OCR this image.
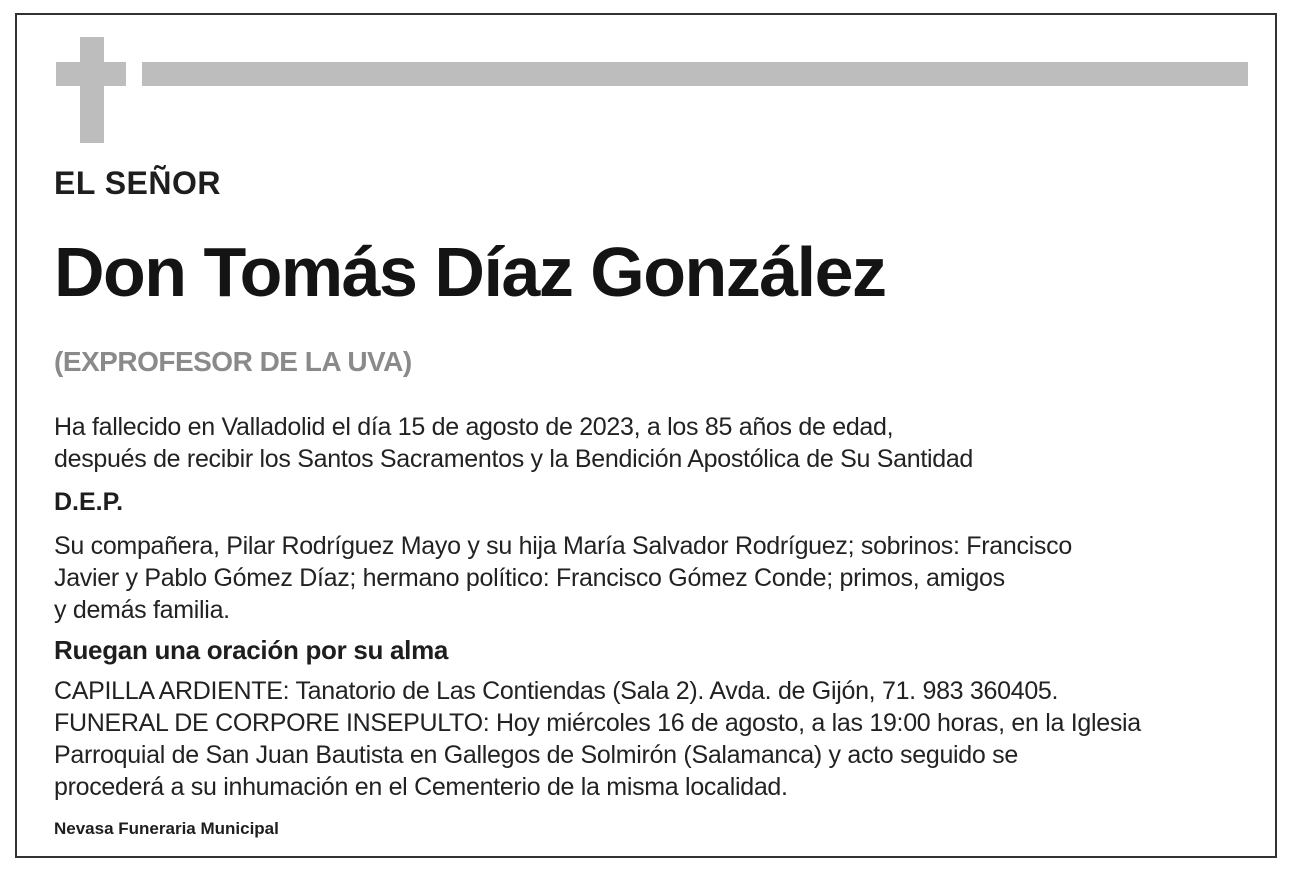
EL SEÑOR
Don Tomás Díaz González
(EXPROFESOR DE LA UVA)
Ha fallecido en Valladolid el día 15 de agosto de 2023, a los 85 años de edad,
después de recibir los Santos Sacramentos y la Bendición Apostólica de Su Santidad
D.E.P.
Su compañera, Pilar Rodríguez Mayo y su hija María Salvador Rodríguez; sobrinos: Francisco
Javier y Pablo Gómez Díaz; hermano político: Francisco Gómez Conde; primos, amigos
y demás familia.
Ruegan una oración por su alma
CAPILLA ARDIENTE: Tanatorio de Las Contiendas (Sala 2). Avda. de Gijón, 71. 983 360405.
FUNERAL DE CORPORE INSEPULTO: Hoy miércoles 16 de agosto, a las 19:00 horas, en la Iglesia
Parroquial de San Juan Bautista en Gallegos de Solmirón (Salamanca) y acto seguido se
procederá a su inhumación en el Cementerio de la misma localidad.
Nevasa Funeraria Municipal
